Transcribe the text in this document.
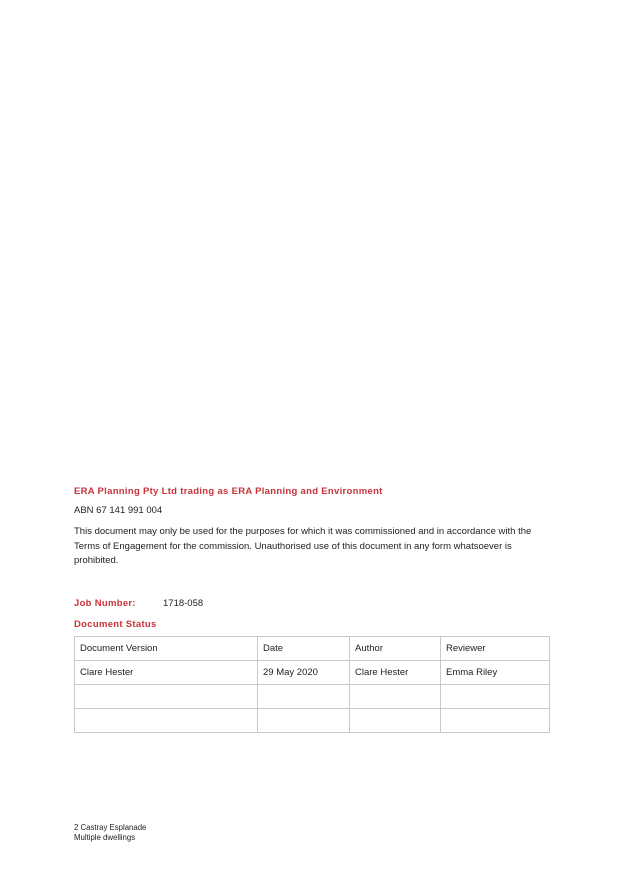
ERA Planning Pty Ltd trading as ERA Planning and Environment
ABN 67 141 991 004
This document may only be used for the purposes for which it was commissioned and in accordance with the Terms of Engagement for the commission. Unauthorised use of this document in any form whatsoever is prohibited.
Job Number:	1718-058
Document Status
Document Version	Date	Author	Reviewer
Clare Hester	29 May 2020	Clare Hester	Emma Riley

2 Castray Esplanade
Multiple dwellings
